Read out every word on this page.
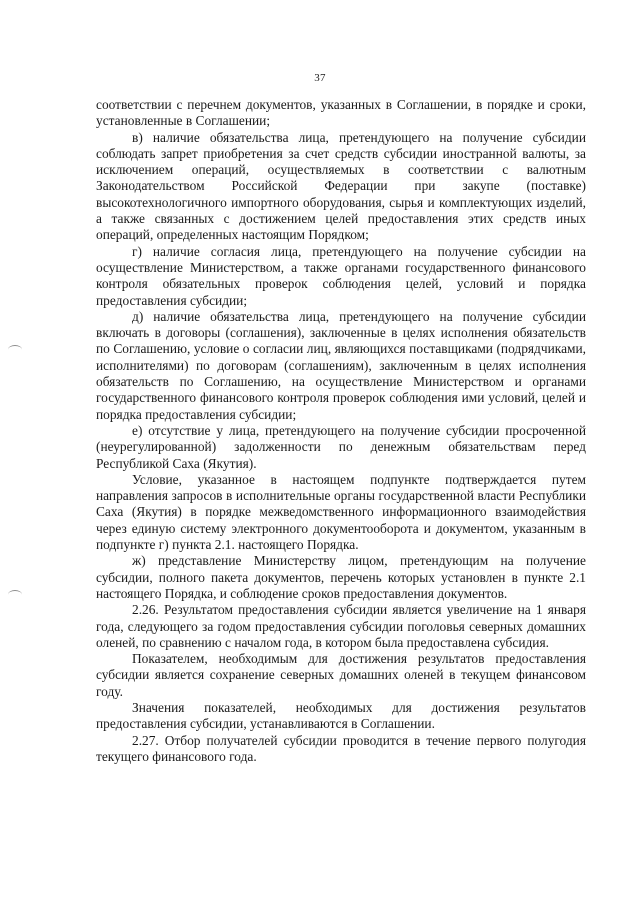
37

соответствии с перечнем документов, указанных в Соглашении, в порядке и сроки, установленные в Соглашении;

в) наличие обязательства лица, претендующего на получение субсидии соблюдать запрет приобретения за счет средств субсидии иностранной валюты, за исключением операций, осуществляемых в соответствии с валютным Законодательством Российской Федерации при закупе (поставке) высокотехнологичного импортного оборудования, сырья и комплектующих изделий, а также связанных с достижением целей предоставления этих средств иных операций, определенных настоящим Порядком;

г) наличие согласия лица, претендующего на получение субсидии на осуществление Министерством, а также органами государственного финансового контроля обязательных проверок соблюдения целей, условий и порядка предоставления субсидии;

д) наличие обязательства лица, претендующего на получение субсидии включать в договоры (соглашения), заключенные в целях исполнения обязательств по Соглашению, условие о согласии лиц, являющихся поставщиками (подрядчиками, исполнителями) по договорам (соглашениям), заключенным в целях исполнения обязательств по Соглашению, на осуществление Министерством и органами государственного финансового контроля проверок соблюдения ими условий, целей и порядка предоставления субсидии;

е) отсутствие у лица, претендующего на получение субсидии просроченной (неурегулированной) задолженности по денежным обязательствам перед Республикой Саха (Якутия).

Условие, указанное в настоящем подпункте подтверждается путем направления запросов в исполнительные органы государственной власти Республики Саха (Якутия) в порядке межведомственного информационного взаимодействия через единую систему электронного документооборота и документом, указанным в подпункте г) пункта 2.1. настоящего Порядка.

ж) представление Министерству лицом, претендующим на получение субсидии, полного пакета документов, перечень которых установлен в пункте 2.1 настоящего Порядка, и соблюдение сроков предоставления документов.

2.26. Результатом предоставления субсидии является увеличение на 1 января года, следующего за годом предоставления субсидии поголовья северных домашних оленей, по сравнению с началом года, в котором была предоставлена субсидия.

Показателем, необходимым для достижения результатов предоставления субсидии является сохранение северных домашних оленей в текущем финансовом году.

Значения показателей, необходимых для достижения результатов предоставления субсидии, устанавливаются в Соглашении.

2.27. Отбор получателей субсидии проводится в течение первого полугодия текущего финансового года.
